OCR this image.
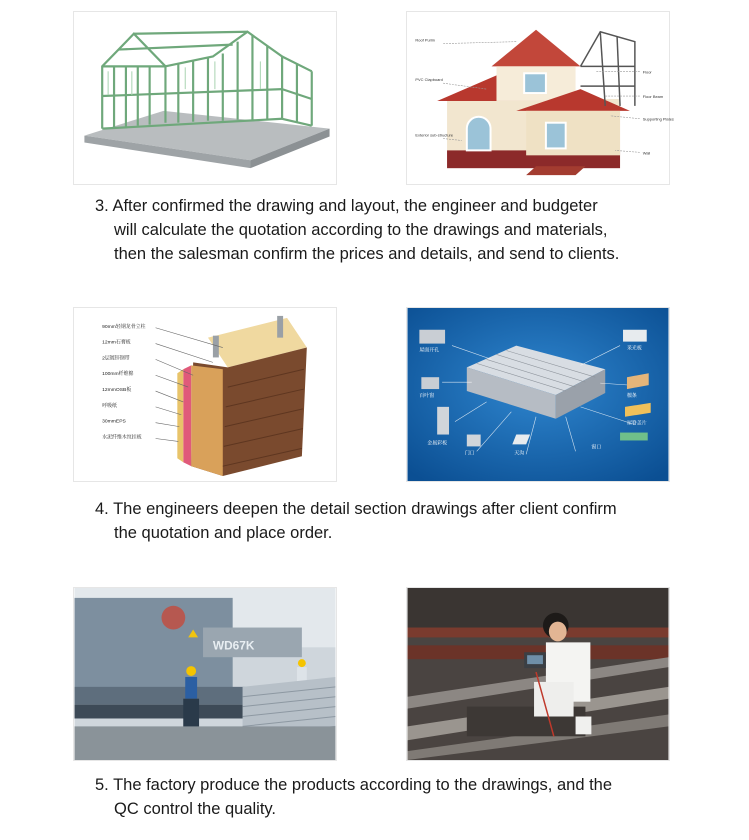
Roof Purlin
PVC Clapboard
Exterior sub-structure
Floor
Floor Beam
Supporting Plates
Wall

3. After confirmed the drawing and layout, the engineer and budgeter
will calculate the quotation according to the drawings and materials,
then the salesman confirm the prices and details, and send to clients.

90mm轻钢龙骨立柱
12mm石膏板
2层镀锌钢带
100mm纤维棉
12mmOSB板
呼吸纸
30mmEPS
水泥纤维木纹挂板
屋面开孔	采光板
百叶窗
金属彩板
门口	天沟
檩条
屋脊盖片
窗口

4. The engineers deepen the detail section drawings after client confirm
the quotation and place order.

WD67K

5. The factory produce the products according to the drawings, and the
QC control the quality.
